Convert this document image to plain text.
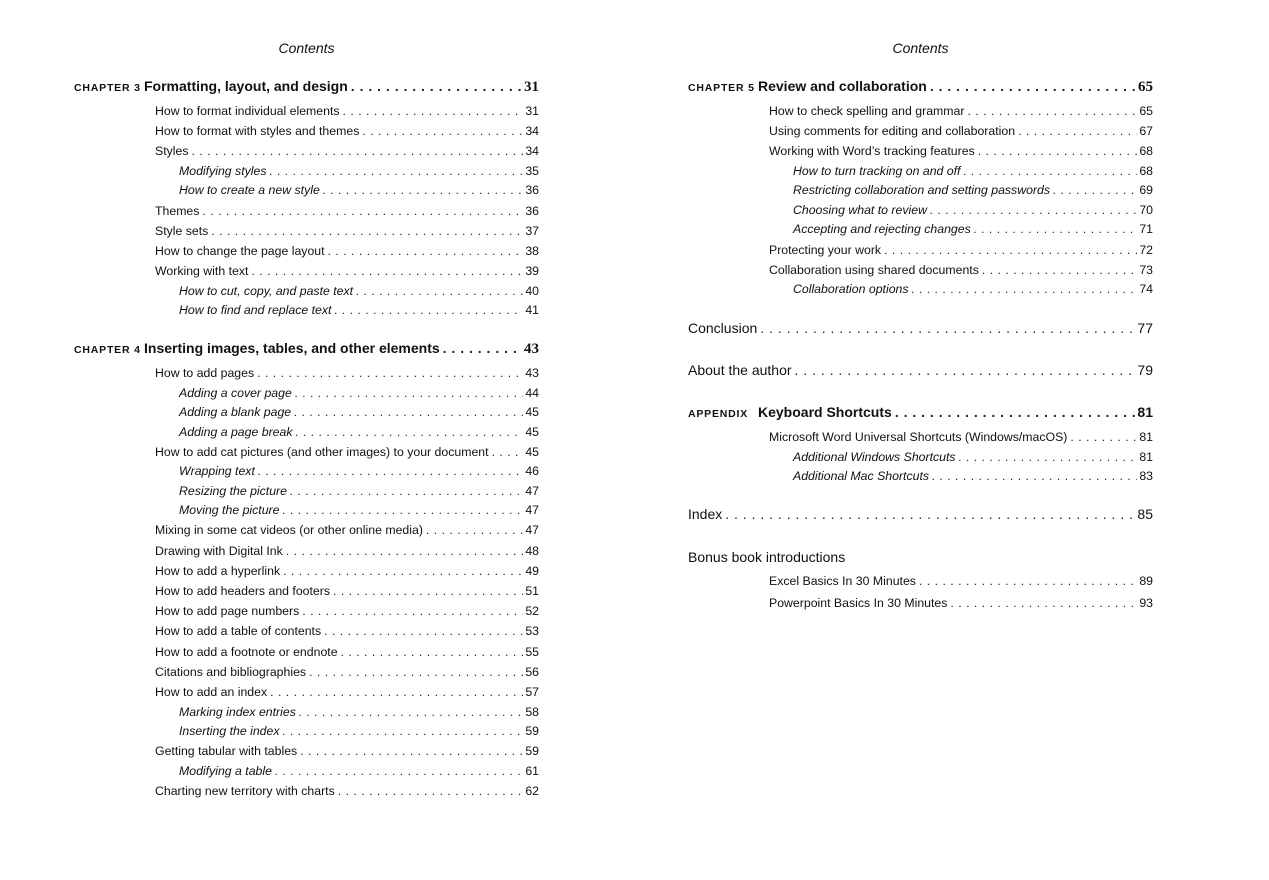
Contents
CHAPTER 3 Formatting, layout, and design . . .	31
How to format individual elements . . .	31
How to format with styles and themes . . .	34
Styles . . .	34
Modifying styles . . .	35
How to create a new style . . .	36
Themes . . .	36
Style sets . . .	37
How to change the page layout . . .	38
Working with text . . .	39
How to cut, copy, and paste text . . .	40
How to find and replace text . . .	41
CHAPTER 4 Inserting images, tables, and other elements . . .	43
How to add pages . . .	43
Adding a cover page . . .	44
Adding a blank page . . .	45
Adding a page break . . .	45
How to add cat pictures (and other images) to your document . . .	45
Wrapping text . . .	46
Resizing the picture . . .	47
Moving the picture . . .	47
Mixing in some cat videos (or other online media) . . .	47
Drawing with Digital Ink . . .	48
How to add a hyperlink . . .	49
How to add headers and footers . . .	51
How to add page numbers . . .	52
How to add a table of contents . . .	53
How to add a footnote or endnote . . .	55
Citations and bibliographies . . .	56
How to add an index . . .	57
Marking index entries . . .	58
Inserting the index . . .	59
Getting tabular with tables . . .	59
Modifying a table . . .	61
Charting new territory with charts . . .	62
Contents
CHAPTER 5 Review and collaboration . . .	65
How to check spelling and grammar . . .	65
Using comments for editing and collaboration . . .	67
Working with Word’s tracking features . . .	68
How to turn tracking on and off . . .	68
Restricting collaboration and setting passwords . . .	69
Choosing what to review . . .	70
Accepting and rejecting changes . . .	71
Protecting your work . . .	72
Collaboration using shared documents . . .	73
Collaboration options . . .	74
Conclusion . . .	77
About the author . . .	79
APPENDIX Keyboard Shortcuts . . .	81
Microsoft Word Universal Shortcuts (Windows/macOS) . . .	81
Additional Windows Shortcuts . . .	81
Additional Mac Shortcuts . . .	83
Index . . .	85
Bonus book introductions
Excel Basics In 30 Minutes . . .	89
Powerpoint Basics In 30 Minutes . . .	93
